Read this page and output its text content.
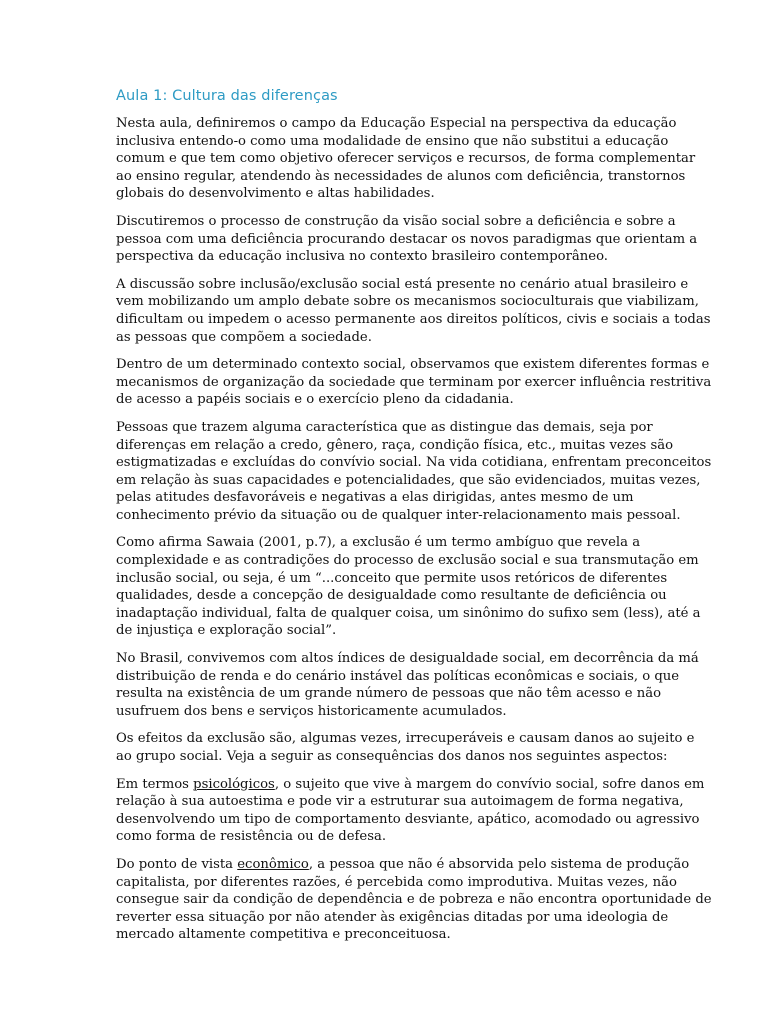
Aula 1: Cultura das diferenças

Nesta aula, definiremos o campo da Educação Especial na perspectiva da educação inclusiva entendo-o como uma modalidade de ensino que não substitui a educação comum e que tem como objetivo oferecer serviços e recursos, de forma complementar ao ensino regular, atendendo às necessidades de alunos com deficiência, transtornos globais do desenvolvimento e altas habilidades.

Discutiremos o processo de construção da visão social sobre a deficiência e sobre a pessoa com uma deficiência procurando destacar os novos paradigmas que orientam a perspectiva da educação inclusiva no contexto brasileiro contemporâneo.

A discussão sobre inclusão/exclusão social está presente no cenário atual brasileiro e vem mobilizando um amplo debate sobre os mecanismos socioculturais que viabilizam, dificultam ou impedem o acesso permanente aos direitos políticos, civis e sociais a todas as pessoas que compõem a sociedade.

Dentro de um determinado contexto social, observamos que existem diferentes formas e mecanismos de organização da sociedade que terminam por exercer influência restritiva de acesso a papéis sociais e o exercício pleno da cidadania.

Pessoas que trazem alguma característica que as distingue das demais, seja por diferenças em relação a credo, gênero, raça, condição física, etc., muitas vezes são estigmatizadas e excluídas do convívio social. Na vida cotidiana, enfrentam preconceitos em relação às suas capacidades e potencialidades, que são evidenciados, muitas vezes, pelas atitudes desfavoráveis e negativas a elas dirigidas, antes mesmo de um conhecimento prévio da situação ou de qualquer inter-relacionamento mais pessoal.

Como afirma Sawaia (2001, p.7), a exclusão é um termo ambíguo que revela a complexidade e as contradições do processo de exclusão social e sua transmutação em inclusão social, ou seja, é um “...conceito que permite usos retóricos de diferentes qualidades, desde a concepção de desigualdade como resultante de deficiência ou inadaptação individual, falta de qualquer coisa, um sinônimo do sufixo sem (less), até a de injustiça e exploração social”.

No Brasil, convivemos com altos índices de desigualdade social, em decorrência da má distribuição de renda e do cenário instável das políticas econômicas e sociais, o que resulta na existência de um grande número de pessoas que não têm acesso e não usufruem dos bens e serviços historicamente acumulados.

Os efeitos da exclusão são, algumas vezes, irrecuperáveis e causam danos ao sujeito e ao grupo social. Veja a seguir as consequências dos danos nos seguintes aspectos:

Em termos psicológicos, o sujeito que vive à margem do convívio social, sofre danos em relação à sua autoestima e pode vir a estruturar sua autoimagem de forma negativa, desenvolvendo um tipo de comportamento desviante, apático, acomodado ou agressivo como forma de resistência ou de defesa.

Do ponto de vista econômico, a pessoa que não é absorvida pelo sistema de produção capitalista, por diferentes razões, é percebida como improdutiva. Muitas vezes, não consegue sair da condição de dependência e de pobreza e não encontra oportunidade de reverter essa situação por não atender às exigências ditadas por uma ideologia de mercado altamente competitiva e preconceituosa.
